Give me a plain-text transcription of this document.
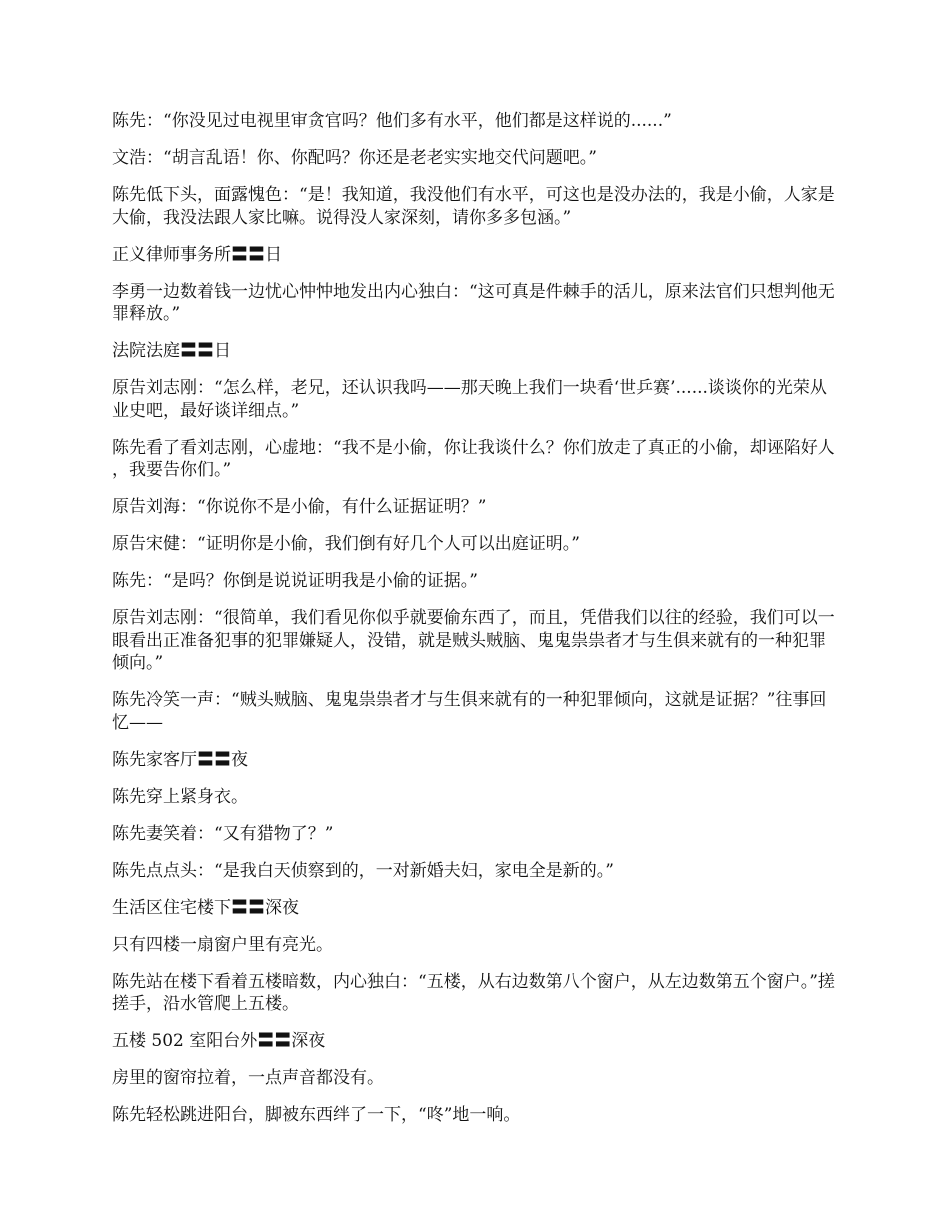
陈先：“你没见过电视里审贪官吗？他们多有水平，他们都是这样说的......”

文浩：“胡言乱语！你、你配吗？你还是老老实实地交代问题吧。”

陈先低下头，面露愧色：“是！我知道，我没他们有水平，可这也是没办法的，我是小偷，人家是大偷，我没法跟人家比嘛。说得没人家深刻，请你多多包涵。”

正义律师事务所〓〓日

李勇一边数着钱一边忧心忡忡地发出内心独白：“这可真是件棘手的活儿，原来法官们只想判他无罪释放。”

法院法庭〓〓日

原告刘志刚：“怎么样，老兄，还认识我吗——那天晚上我们一块看‘世乒赛’......谈谈你的光荣从业史吧，最好谈详细点。”

陈先看了看刘志刚，心虚地：“我不是小偷，你让我谈什么？你们放走了真正的小偷，却诬陷好人，我要告你们。”

原告刘海：“你说你不是小偷，有什么证据证明？”

原告宋健：“证明你是小偷，我们倒有好几个人可以出庭证明。”

陈先：“是吗？你倒是说说证明我是小偷的证据。”

原告刘志刚：“很简单，我们看见你似乎就要偷东西了，而且，凭借我们以往的经验，我们可以一眼看出正准备犯事的犯罪嫌疑人，没错，就是贼头贼脑、鬼鬼祟祟者才与生俱来就有的一种犯罪倾向。”

陈先冷笑一声：“贼头贼脑、鬼鬼祟祟者才与生俱来就有的一种犯罪倾向，这就是证据？”往事回忆——

陈先家客厅〓〓夜

陈先穿上紧身衣。

陈先妻笑着：“又有猎物了？”

陈先点点头：“是我白天侦察到的，一对新婚夫妇，家电全是新的。”

生活区住宅楼下〓〓深夜

只有四楼一扇窗户里有亮光。

陈先站在楼下看着五楼暗数，内心独白：“五楼，从右边数第八个窗户，从左边数第五个窗户。”搓搓手，沿水管爬上五楼。

五楼 502 室阳台外〓〓深夜

房里的窗帘拉着，一点声音都没有。

陈先轻松跳进阳台，脚被东西绊了一下，“咚”地一响。
